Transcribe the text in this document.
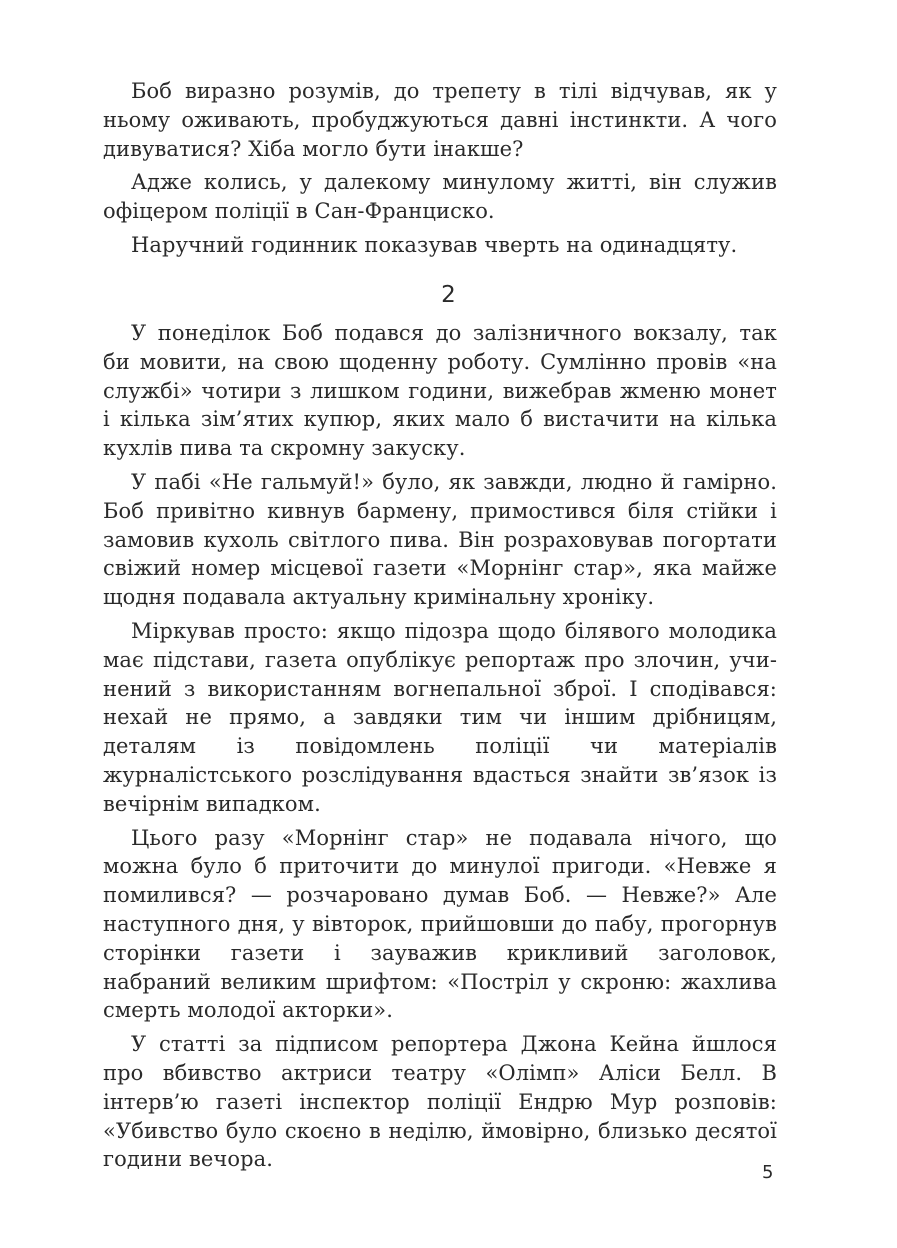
Боб виразно розумів, до трепету в тілі відчував, як у ньому оживають, пробуджуються давні інстинкти. А чого дивуватися? Хіба могло бути інакше?

Адже колись, у далекому минулому житті, він служив офіцером поліції в Сан-Франциско.

Наручний годинник показував чверть на одинадцяту.

2

У понеділок Боб подався до залізничного вокзалу, так би мовити, на свою щоденну роботу. Сумлінно провів «на службі» чотири з лишком години, вижебрав жменю монет і кілька зім’ятих купюр, яких мало б вистачити на кілька кухлів пива та скромну закуску.

У пабі «Не гальмуй!» було, як завжди, людно й гамірно. Боб привітно кивнув бармену, примостився біля стійки і замовив кухоль світлого пива. Він розраховував погортати свіжий номер місцевої газети «Морнінг стар», яка майже щодня подавала актуальну кримінальну хроніку.

Міркував просто: якщо підозра щодо білявого молодика має підстави, газета опублікує репортаж про злочин, учинений з використанням вогнепальної зброї. І сподівався: нехай не прямо, а завдяки тим чи іншим дрібницям, деталям із повідомлень поліції чи матеріалів журналістського розслідування вдасться знайти зв’язок із вечірнім випадком.

Цього разу «Морнінг стар» не подавала нічого, що можна було б приточити до минулої пригоди. «Невже я помилився? — розчаровано думав Боб. — Невже?» Але наступного дня, у вівторок, прийшовши до пабу, прогорнув сторінки газети і зауважив крикливий заголовок, набраний великим шрифтом: «Постріл у скроню: жахлива смерть молодої акторки».

У статті за підписом репортера Джона Кейна йшлося про вбивство актриси театру «Олімп» Аліси Белл. В інтерв’ю газеті інспектор поліції Ендрю Мур розповів: «Убивство було скоєно в неділю, ймовірно, близько десятої години вечора.

5
